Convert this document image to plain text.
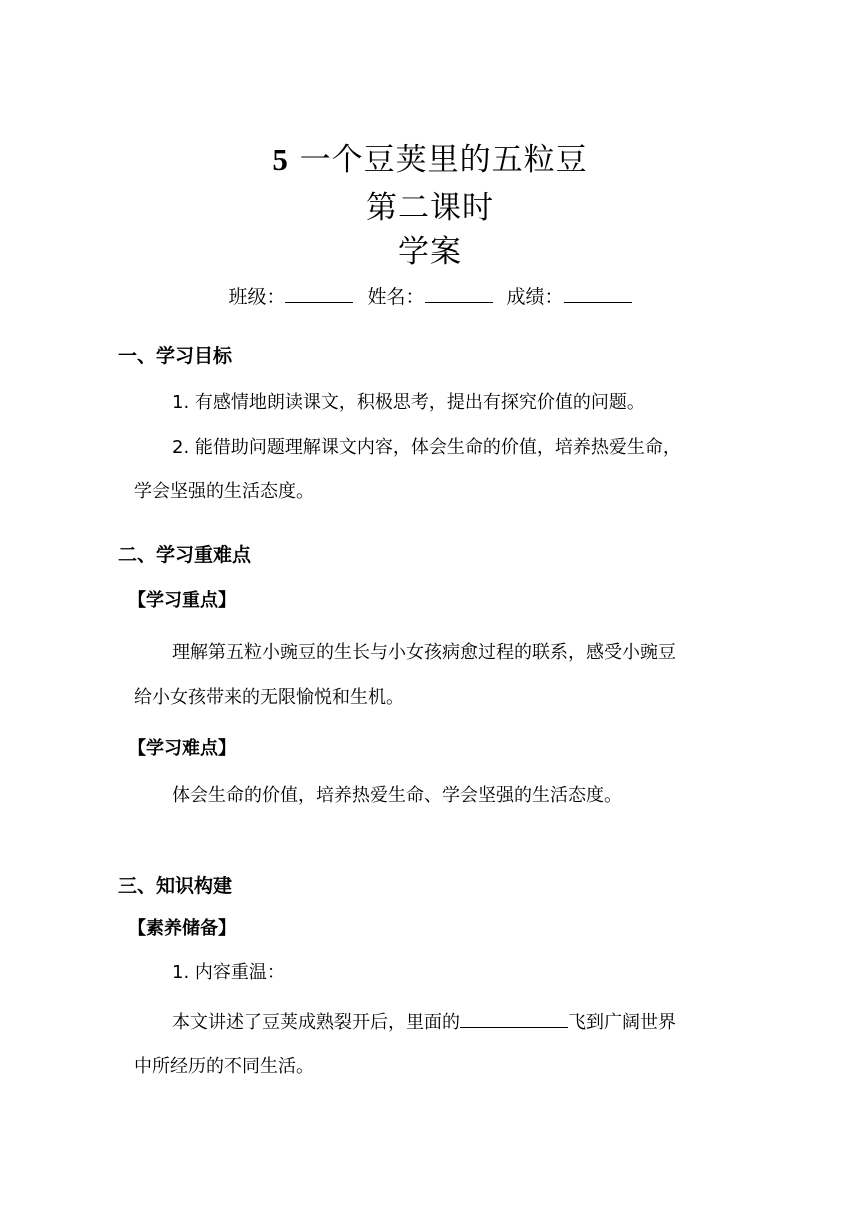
5 一个豆荚里的五粒豆
第二课时
学案
班级：	姓名：	成绩：
一、学习目标
1. 有感情地朗读课文，积极思考，提出有探究价值的问题。
2. 能借助问题理解课文内容，体会生命的价值，培养热爱生命，
学会坚强的生活态度。
二、学习重难点
【学习重点】
理解第五粒小豌豆的生长与小女孩病愈过程的联系，感受小豌豆
给小女孩带来的无限愉悦和生机。
【学习难点】
体会生命的价值，培养热爱生命、学会坚强的生活态度。
三、知识构建
【素养储备】
1. 内容重温：
本文讲述了豆荚成熟裂开后，里面的	飞到广阔世界
中所经历的不同生活。
